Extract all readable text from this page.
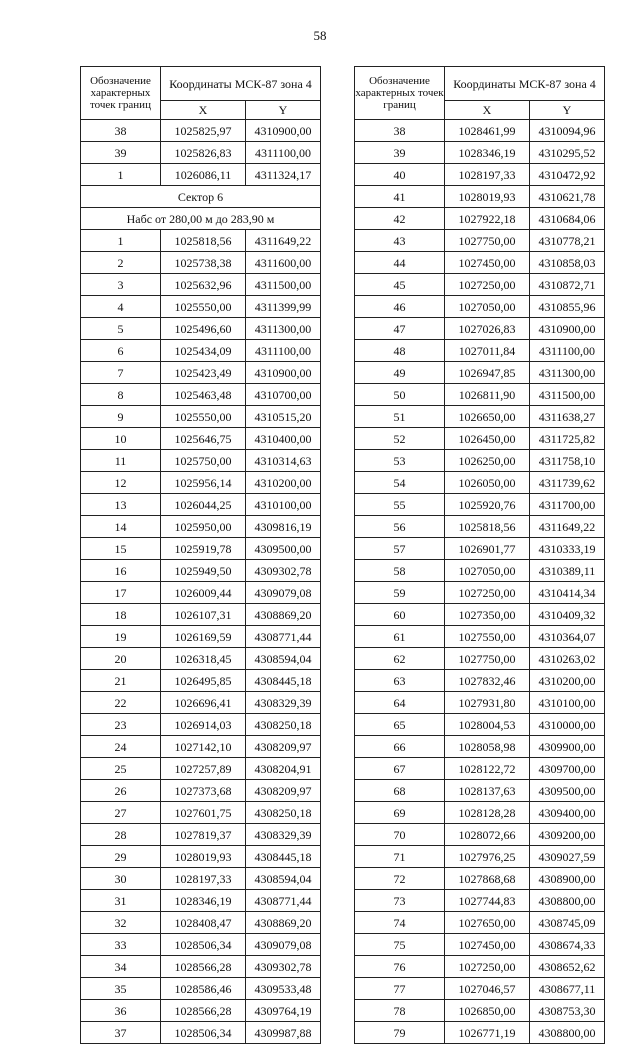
58
Обозначение характерных точек границ	Координаты МСК-87 зона 4	
	X	Y
38	1025825,97	4310900,00
39	1025826,83	4311100,00
1	1026086,11	4311324,17
Сектор 6		
Набс от 280,00 м до 283,90 м		
1	1025818,56	4311649,22
2	1025738,38	4311600,00
3	1025632,96	4311500,00
4	1025550,00	4311399,99
5	1025496,60	4311300,00
6	1025434,09	4311100,00
7	1025423,49	4310900,00
8	1025463,48	4310700,00
9	1025550,00	4310515,20
10	1025646,75	4310400,00
11	1025750,00	4310314,63
12	1025956,14	4310200,00
13	1026044,25	4310100,00
14	1025950,00	4309816,19
15	1025919,78	4309500,00
16	1025949,50	4309302,78
17	1026009,44	4309079,08
18	1026107,31	4308869,20
19	1026169,59	4308771,44
20	1026318,45	4308594,04
21	1026495,85	4308445,18
22	1026696,41	4308329,39
23	1026914,03	4308250,18
24	1027142,10	4308209,97
25	1027257,89	4308204,91
26	1027373,68	4308209,97
27	1027601,75	4308250,18
28	1027819,37	4308329,39
29	1028019,93	4308445,18
30	1028197,33	4308594,04
31	1028346,19	4308771,44
32	1028408,47	4308869,20
33	1028506,34	4309079,08
34	1028566,28	4309302,78
35	1028586,46	4309533,48
36	1028566,28	4309764,19
37	1028506,34	4309987,88
Обозначение характерных точек границ	Координаты МСК-87 зона 4	
	X	Y
38	1028461,99	4310094,96
39	1028346,19	4310295,52
40	1028197,33	4310472,92
41	1028019,93	4310621,78
42	1027922,18	4310684,06
43	1027750,00	4310778,21
44	1027450,00	4310858,03
45	1027250,00	4310872,71
46	1027050,00	4310855,96
47	1027026,83	4310900,00
48	1027011,84	4311100,00
49	1026947,85	4311300,00
50	1026811,90	4311500,00
51	1026650,00	4311638,27
52	1026450,00	4311725,82
53	1026250,00	4311758,10
54	1026050,00	4311739,62
55	1025920,76	4311700,00
56	1025818,56	4311649,22
57	1026901,77	4310333,19
58	1027050,00	4310389,11
59	1027250,00	4310414,34
60	1027350,00	4310409,32
61	1027550,00	4310364,07
62	1027750,00	4310263,02
63	1027832,46	4310200,00
64	1027931,80	4310100,00
65	1028004,53	4310000,00
66	1028058,98	4309900,00
67	1028122,72	4309700,00
68	1028137,63	4309500,00
69	1028128,28	4309400,00
70	1028072,66	4309200,00
71	1027976,25	4309027,59
72	1027868,68	4308900,00
73	1027744,83	4308800,00
74	1027650,00	4308745,09
75	1027450,00	4308674,33
76	1027250,00	4308652,62
77	1027046,57	4308677,11
78	1026850,00	4308753,30
79	1026771,19	4308800,00
